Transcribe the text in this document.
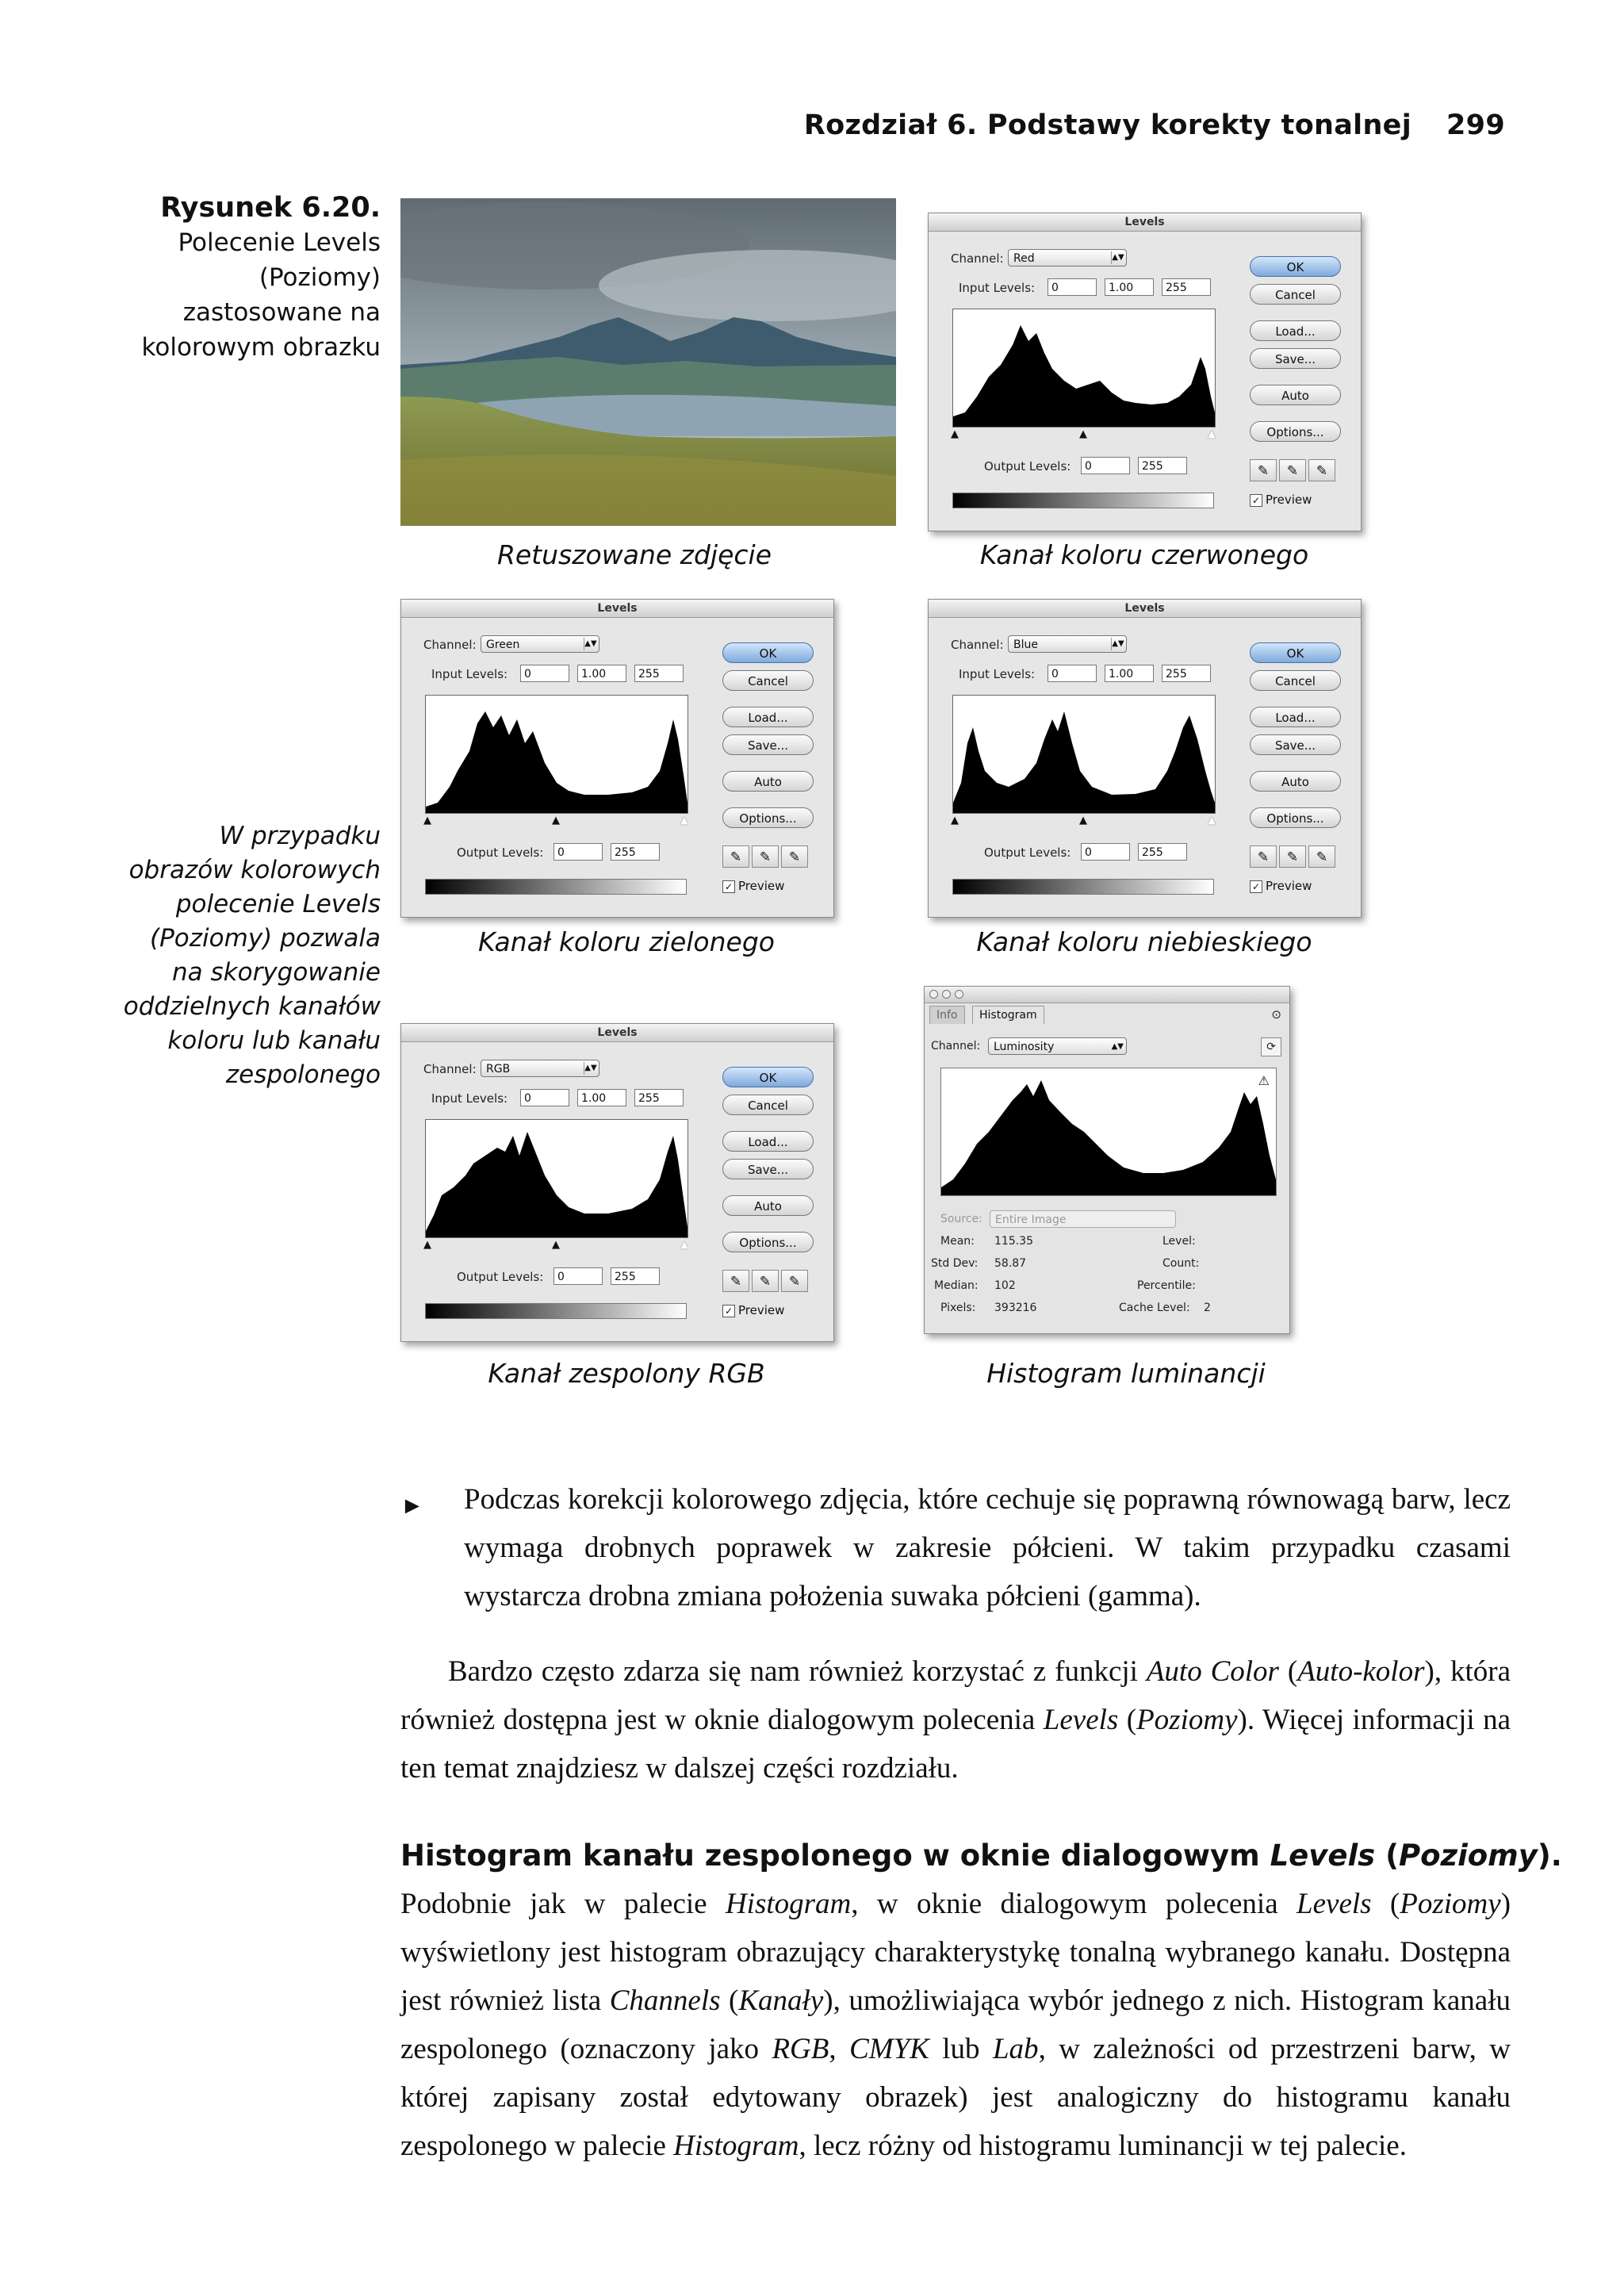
Rozdział 6. Podstawy korekty tonalnej 299
Rysunek 6.20.
Polecenie Levels
(Poziomy)
zastosowane na
kolorowym obrazku
W przypadku
obrazów kolorowych
polecenie Levels
(Poziomy) pozwala
na skorygowanie
oddzielnych kanałów
koloru lub kanału
zespolonego
Retuszowane zdjęcie
Levels
Channel: Red	▲▼
Input Levels:	0	1.00	255
▲	▲	▲
Output Levels:	0	255
OK
Cancel
Load...
Save...
Auto
Options...
✎ ✎ ✎
✓ Preview
Kanał koloru czerwonego
Levels
Channel: Green	▲▼
Input Levels:	0	1.00	255
▲	▲	▲
Output Levels:	0	255
OK
Cancel
Load...
Save...
Auto
Options...
✎ ✎ ✎
✓ Preview
Kanał koloru zielonego
Levels
Channel: Blue	▲▼
Input Levels:	0	1.00	255
▲	▲	▲
Output Levels:	0	255
OK
Cancel
Load...
Save...
Auto
Options...
✎ ✎ ✎
✓ Preview
Kanał koloru niebieskiego
Levels
Channel: RGB	▲▼
Input Levels:	0	1.00	255
▲	▲	▲
Output Levels:	0	255
OK
Cancel
Load...
Save...
Auto
Options...
✎ ✎ ✎
✓ Preview
Kanał zespolony RGB
Info	Histogram	⊙
Channel:	Luminosity	▲▼	⟳
⚠
Source:	Entire Image
Mean: 115.35
Std Dev: 58.87
Median: 102
Pixels: 393216
Level:
Count:
Percentile:
Cache Level: 2
Histogram luminancji
► Podczas korekcji kolorowego zdjęcia, które cechuje się poprawną równowagą barw, lecz wymaga drobnych poprawek w zakresie półcieni. W takim przypadku czasami wystarcza drobna zmiana położenia suwaka półcieni (gamma).

Bardzo często zdarza się nam również korzystać z funkcji Auto Color (Auto-kolor), która również dostępna jest w oknie dialogowym polecenia Levels (Poziomy). Więcej informacji na ten temat znajdziesz w dalszej części rozdziału.

Histogram kanału zespolonego w oknie dialogowym Levels (Poziomy).

Podobnie jak w palecie Histogram, w oknie dialogowym polecenia Levels (Poziomy) wyświetlony jest histogram obrazujący charakterystykę tonalną wybranego kanału. Dostępna jest również lista Channels (Kanały), umożliwiająca wybór jednego z nich. Histogram kanału zespolonego (oznaczony jako RGB, CMYK lub Lab, w zależności od przestrzeni barw, w której zapisany został edytowany obrazek) jest analogiczny do histogramu kanału zespolonego w palecie Histogram, lecz różny od histogramu luminancji w tej palecie.
